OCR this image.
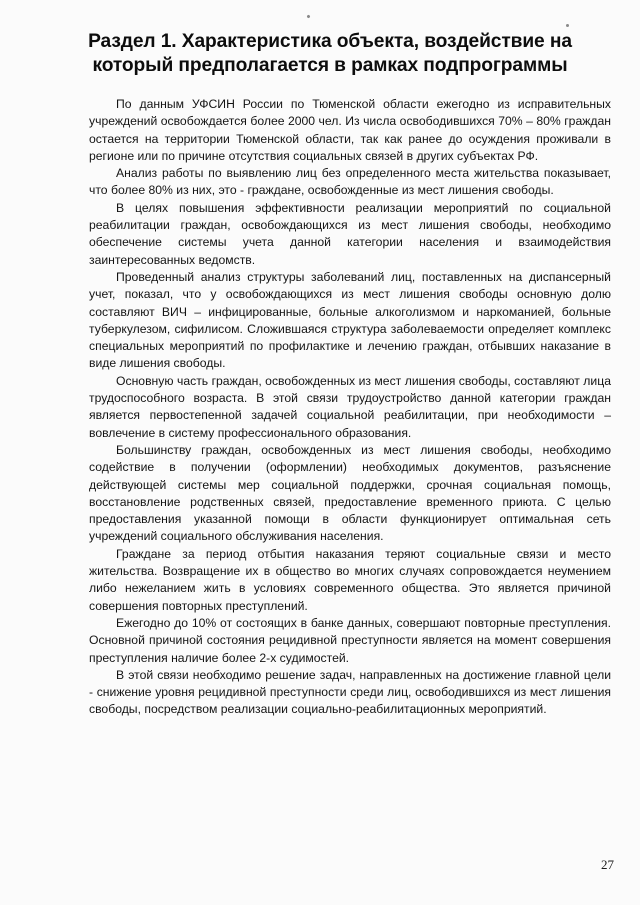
Раздел 1. Характеристика объекта, воздействие на который предполагается в рамках подпрограммы

По данным УФСИН России по Тюменской области ежегодно из исправительных учреждений освобождается более 2000 чел. Из числа освободившихся 70% – 80% граждан остается на территории Тюменской области, так как ранее до осуждения проживали в регионе или по причине отсутствия социальных связей в других субъектах РФ.

Анализ работы по выявлению лиц без определенного места жительства показывает, что более 80% из них, это - граждане, освобожденные из мест лишения свободы.

В целях повышения эффективности реализации мероприятий по социальной реабилитации граждан, освобождающихся из мест лишения свободы, необходимо обеспечение системы учета данной категории населения и взаимодействия заинтересованных ведомств.

Проведенный анализ структуры заболеваний лиц, поставленных на диспансерный учет, показал, что у освобождающихся из мест лишения свободы основную долю составляют ВИЧ – инфицированные, больные алкоголизмом и наркоманией, больные туберкулезом, сифилисом. Сложившаяся структура заболеваемости определяет комплекс специальных мероприятий по профилактике и лечению граждан, отбывших наказание в виде лишения свободы.

Основную часть граждан, освобожденных из мест лишения свободы, составляют лица трудоспособного возраста. В этой связи трудоустройство данной категории граждан является первостепенной задачей социальной реабилитации, при необходимости – вовлечение в систему профессионального образования.

Большинству граждан, освобожденных из мест лишения свободы, необходимо содействие в получении (оформлении) необходимых документов, разъяснение действующей системы мер социальной поддержки, срочная социальная помощь, восстановление родственных связей, предоставление временного приюта. С целью предоставления указанной помощи в области функционирует оптимальная сеть учреждений социального обслуживания населения.

Граждане за период отбытия наказания теряют социальные связи и место жительства. Возвращение их в общество во многих случаях сопровождается неумением либо нежеланием жить в условиях современного общества. Это является причиной совершения повторных преступлений.

Ежегодно до 10% от состоящих в банке данных, совершают повторные преступления. Основной причиной состояния рецидивной преступности является на момент совершения преступления наличие более 2-х судимостей.

В этой связи необходимо решение задач, направленных на достижение главной цели - снижение уровня рецидивной преступности среди лиц, освободившихся из мест лишения свободы, посредством реализации социально-реабилитационных мероприятий.

27
